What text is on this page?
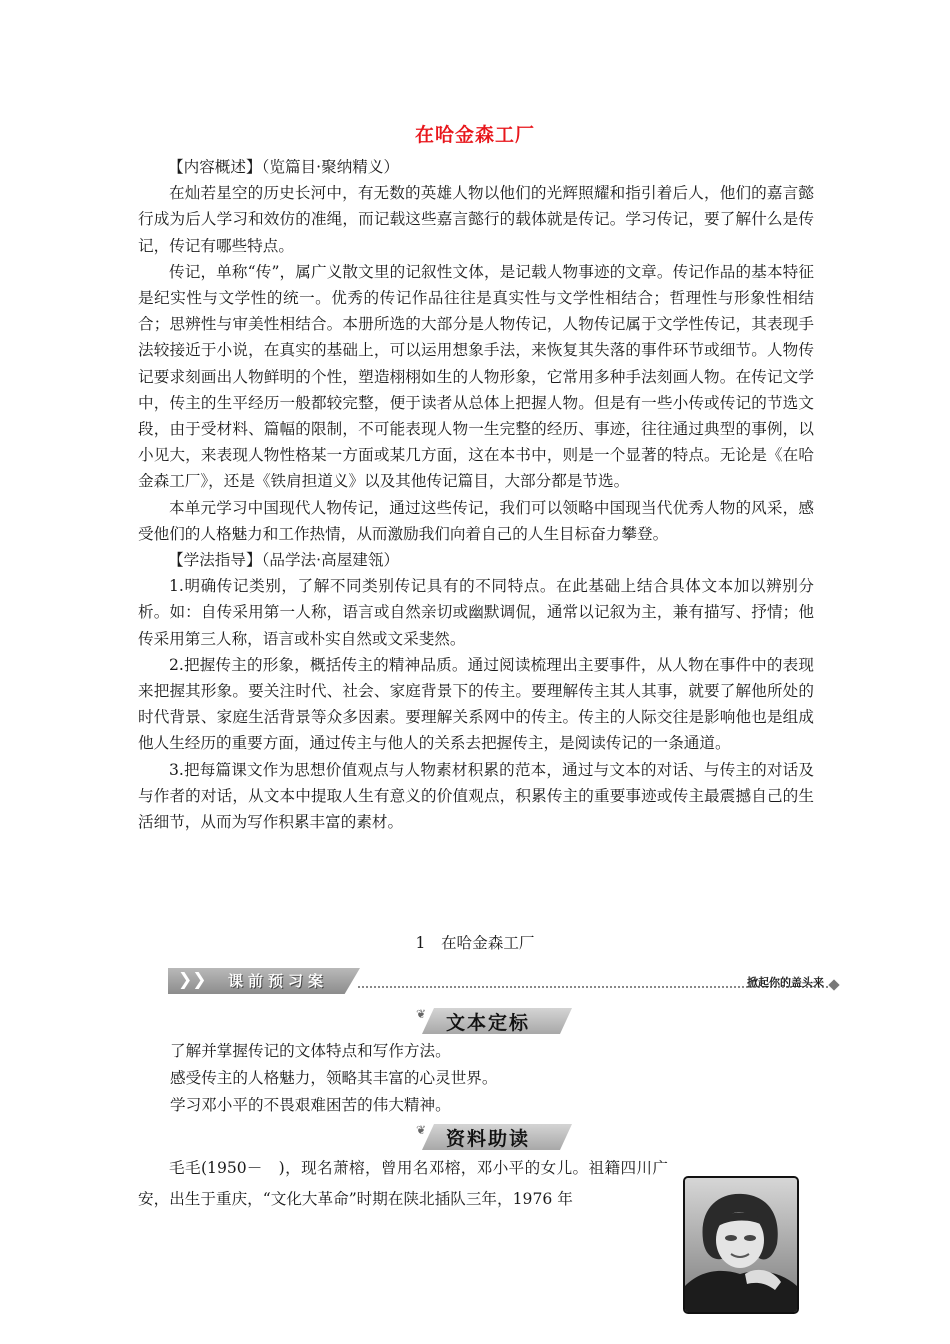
在哈金森工厂
【内容概述】（览篇目·聚纳精义）

在灿若星空的历史长河中，有无数的英雄人物以他们的光辉照耀和指引着后人，他们的嘉言懿行成为后人学习和效仿的准绳，而记载这些嘉言懿行的载体就是传记。学习传记，要了解什么是传记，传记有哪些特点。

传记，单称“传”，属广义散文里的记叙性文体，是记载人物事迹的文章。传记作品的基本特征是纪实性与文学性的统一。优秀的传记作品往往是真实性与文学性相结合；哲理性与形象性相结合；思辨性与审美性相结合。本册所选的大部分是人物传记，人物传记属于文学性传记，其表现手法较接近于小说，在真实的基础上，可以运用想象手法，来恢复其失落的事件环节或细节。人物传记要求刻画出人物鲜明的个性，塑造栩栩如生的人物形象，它常用多种手法刻画人物。在传记文学中，传主的生平经历一般都较完整，便于读者从总体上把握人物。但是有一些小传或传记的节选文段，由于受材料、篇幅的限制，不可能表现人物一生完整的经历、事迹，往往通过典型的事例，以小见大，来表现人物性格某一方面或某几方面，这在本书中，则是一个显著的特点。无论是《在哈金森工厂》，还是《铁肩担道义》以及其他传记篇目，大部分都是节选。

本单元学习中国现代人物传记，通过这些传记，我们可以领略中国现当代优秀人物的风采，感受他们的人格魅力和工作热情，从而激励我们向着自己的人生目标奋力攀登。

【学法指导】（品学法·高屋建瓴）

1.明确传记类别，了解不同类别传记具有的不同特点。在此基础上结合具体文本加以辨别分析。如：自传采用第一人称，语言或自然亲切或幽默调侃，通常以记叙为主，兼有描写、抒情；他传采用第三人称，语言或朴实自然或文采斐然。

2.把握传主的形象，概括传主的精神品质。通过阅读梳理出主要事件，从人物在事件中的表现来把握其形象。要关注时代、社会、家庭背景下的传主。要理解传主其人其事，就要了解他所处的时代背景、家庭生活背景等众多因素。要理解关系网中的传主。传主的人际交往是影响他也是组成他人生经历的重要方面，通过传主与他人的关系去把握传主，是阅读传记的一条通道。

3.把每篇课文作为思想价值观点与人物素材积累的范本，通过与文本的对话、与传主的对话及与作者的对话，从文本中提取人生有意义的价值观点，积累传主的重要事迹或传主最震撼自己的生活细节，从而为写作积累丰富的素材。

1　在哈金森工厂
❯❯ 课前预习案	掀起你的盖头来
❦ 文本定标
了解并掌握传记的文体特点和写作方法。
感受传主的人格魅力，领略其丰富的心灵世界。
学习邓小平的不畏艰难困苦的伟大精神。
❦ 资料助读

毛毛(1950－　)，现名萧榕，曾用名邓榕，邓小平的女儿。祖籍四川广安，出生于重庆，“文化大革命”时期在陕北插队三年，1976 年
